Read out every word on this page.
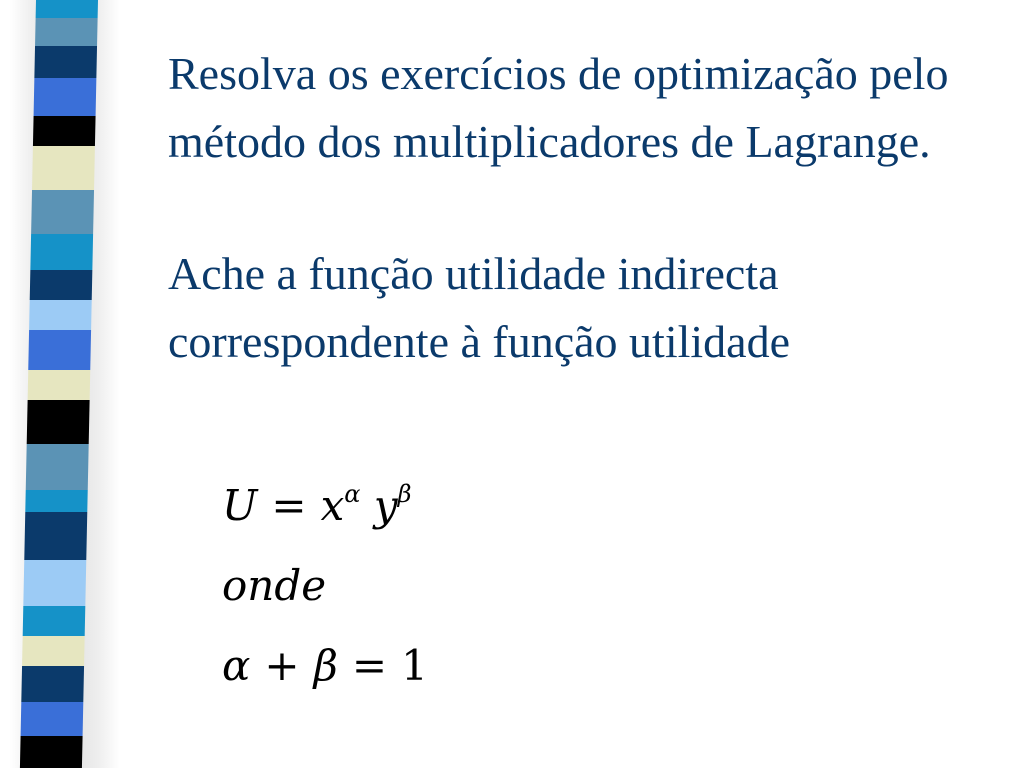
Resolva os exercícios de optimização pelo método dos multiplicadores de Lagrange.

Ache a função utilidade indirecta correspondente à função utilidade

$U = x^\alpha$ $y^\beta$
onde
α + β = 1
